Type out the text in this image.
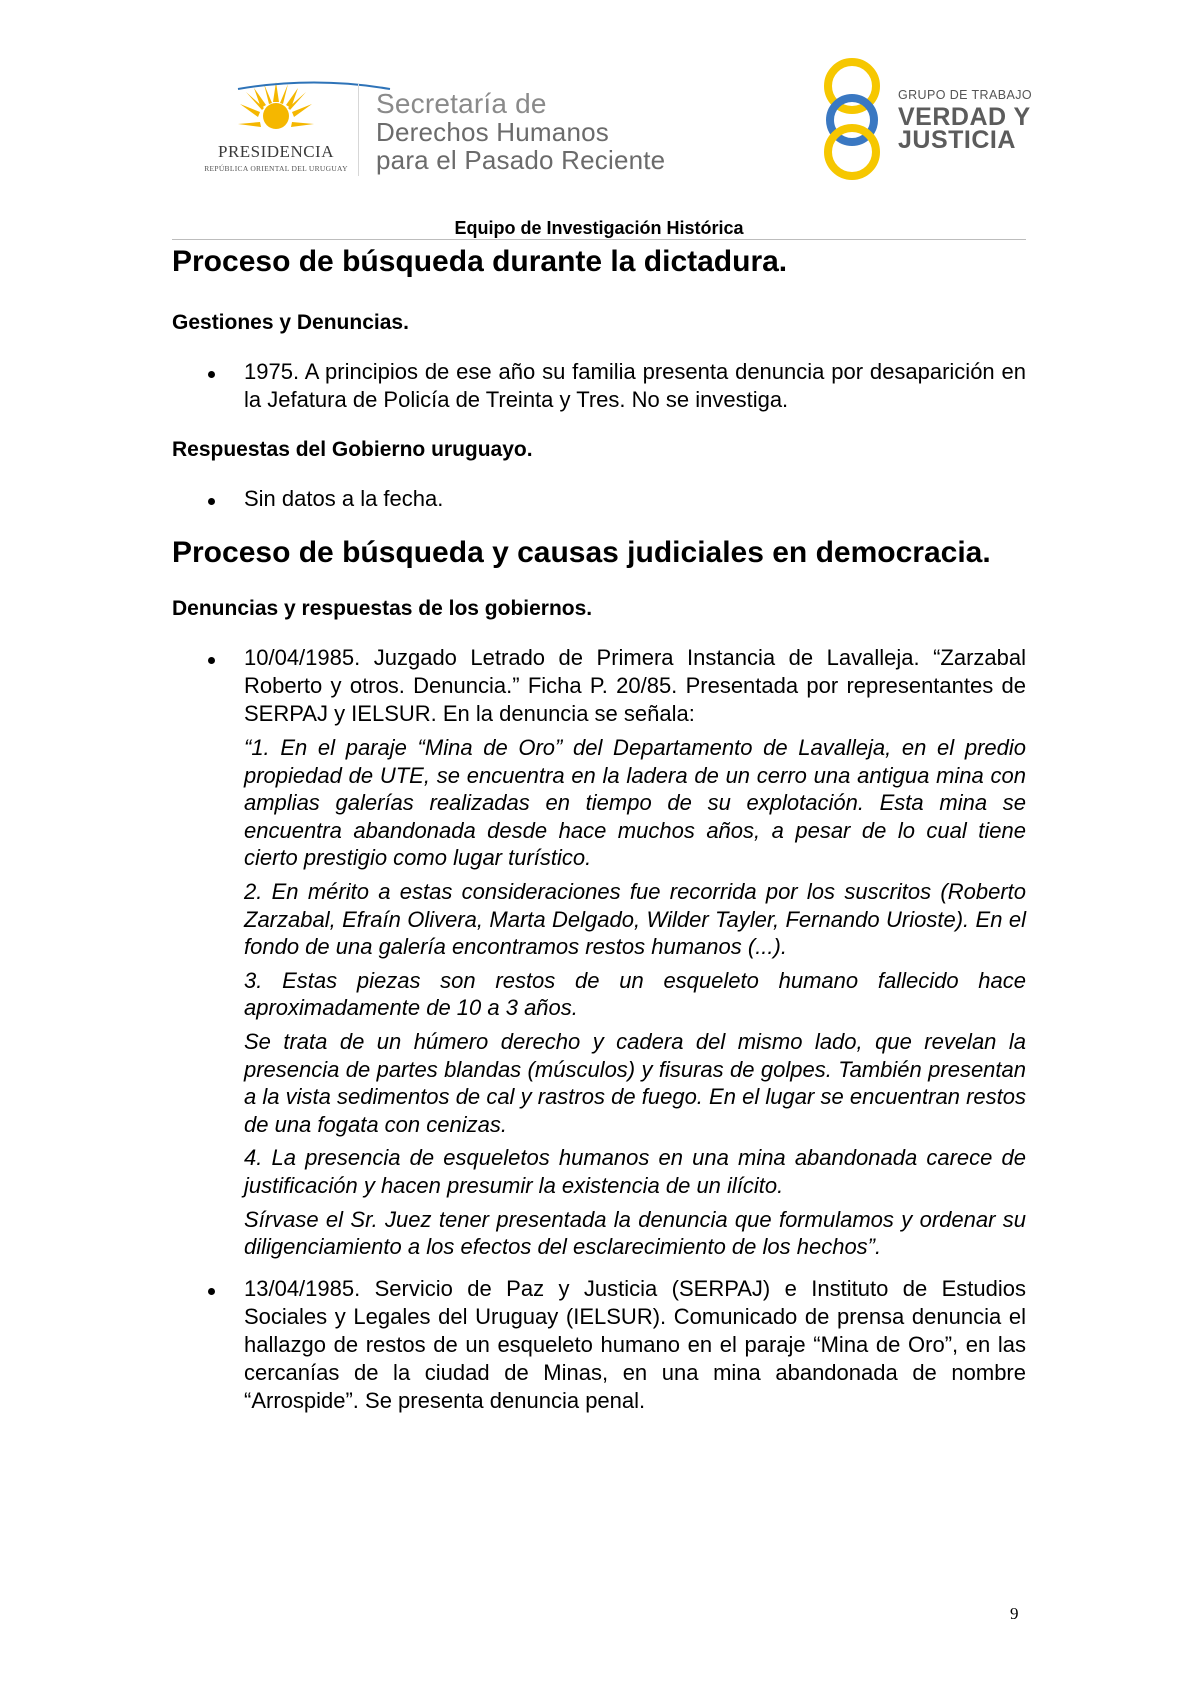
PRESIDENCIA
REPÚBLICA ORIENTAL DEL URUGUAY
Secretaría de
Derechos Humanos
para el Pasado Reciente
GRUPO DE TRABAJO
VERDAD Y
JUSTICIA
Equipo de Investigación Histórica
Proceso de búsqueda durante la dictadura.
Gestiones y Denuncias.
1975. A principios de ese año su familia presenta denuncia por desaparición en la Jefatura de Policía de Treinta y Tres. No se investiga.
Respuestas del Gobierno uruguayo.
Sin datos a la fecha.
Proceso de búsqueda y causas judiciales en democracia.
Denuncias y respuestas de los gobiernos.
10/04/1985. Juzgado Letrado de Primera Instancia de Lavalleja. “Zarzabal Roberto y otros. Denuncia.” Ficha P. 20/85. Presentada por representantes de SERPAJ y IELSUR. En la denuncia se señala:

“1. En el paraje “Mina de Oro” del Departamento de Lavalleja, en el predio propiedad de UTE, se encuentra en la ladera de un cerro una antigua mina con amplias galerías realizadas en tiempo de su explotación. Esta mina se encuentra abandonada desde hace muchos años, a pesar de lo cual tiene cierto prestigio como lugar turístico.

2. En mérito a estas consideraciones fue recorrida por los suscritos (Roberto Zarzabal, Efraín Olivera, Marta Delgado, Wilder Tayler, Fernando Urioste). En el fondo de una galería encontramos restos humanos (...).

3. Estas piezas son restos de un esqueleto humano fallecido hace aproximadamente de 10 a 3 años.

Se trata de un húmero derecho y cadera del mismo lado, que revelan la presencia de partes blandas (músculos) y fisuras de golpes. También presentan a la vista sedimentos de cal y rastros de fuego. En el lugar se encuentran restos de una fogata con cenizas.

4. La presencia de esqueletos humanos en una mina abandonada carece de justificación y hacen presumir la existencia de un ilícito.

Sírvase el Sr. Juez tener presentada la denuncia que formulamos y ordenar su diligenciamiento a los efectos del esclarecimiento de los hechos”.

13/04/1985. Servicio de Paz y Justicia (SERPAJ) e Instituto de Estudios Sociales y Legales del Uruguay (IELSUR). Comunicado de prensa denuncia el hallazgo de restos de un esqueleto humano en el paraje “Mina de Oro”, en las cercanías de la ciudad de Minas, en una mina abandonada de nombre “Arrospide”. Se presenta denuncia penal.
9
